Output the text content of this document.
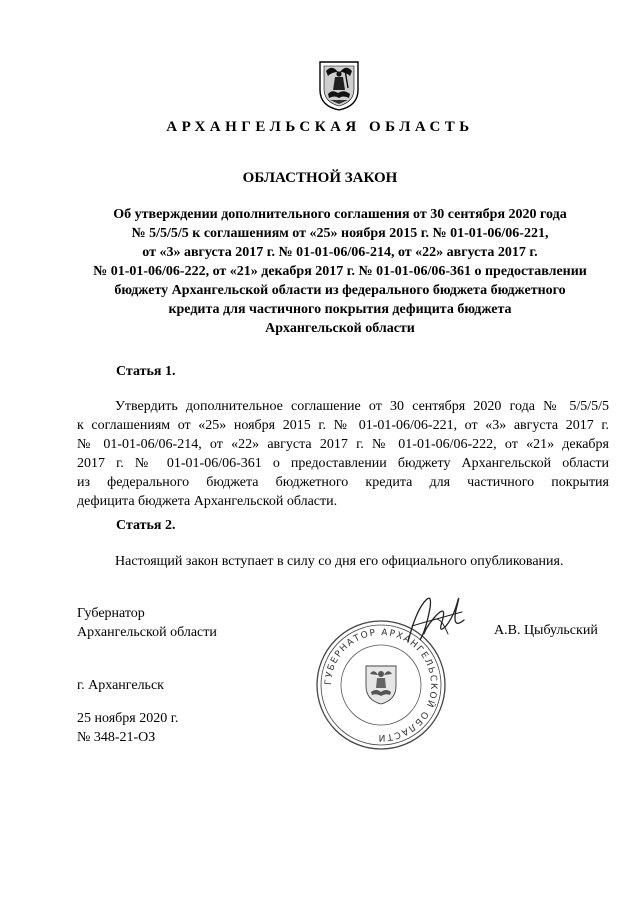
АРХАНГЕЛЬСКАЯ ОБЛАСТЬ
ОБЛАСТНОЙ ЗАКОН
Об утверждении дополнительного соглашения от 30 сентября 2020 года
№ 5/5/5/5 к соглашениям от «25» ноября 2015 г. № 01-01-06/06-221,
от «3» августа 2017 г. № 01-01-06/06-214, от «22» августа 2017 г.
№ 01-01-06/06-222, от «21» декабря 2017 г. № 01-01-06/06-361 о предоставлении
бюджету Архангельской области из федерального бюджета бюджетного
кредита для частичного покрытия дефицита бюджета
Архангельской области
Статья 1.
Утвердить дополнительное соглашение от 30 сентября 2020 года № 5/5/5/5
к соглашениям от «25» ноября 2015 г. № 01-01-06/06-221, от «3» августа 2017 г.
№ 01-01-06/06-214, от «22» августа 2017 г. № 01-01-06/06-222, от «21» декабря
2017 г. № 01-01-06/06-361 о предоставлении бюджету Архангельской области
из федерального бюджета бюджетного кредита для частичного покрытия
дефицита бюджета Архангельской области.
Статья 2.
Настоящий закон вступает в силу со дня его официального опубликования.
Губернатор
Архангельской области
ГУБЕРНАТОР АРХАНГЕЛЬСКОЙ ОБЛАСТИ
А.В. Цыбульский
г. Архангельск
25 ноября 2020 г.
№ 348-21-ОЗ
